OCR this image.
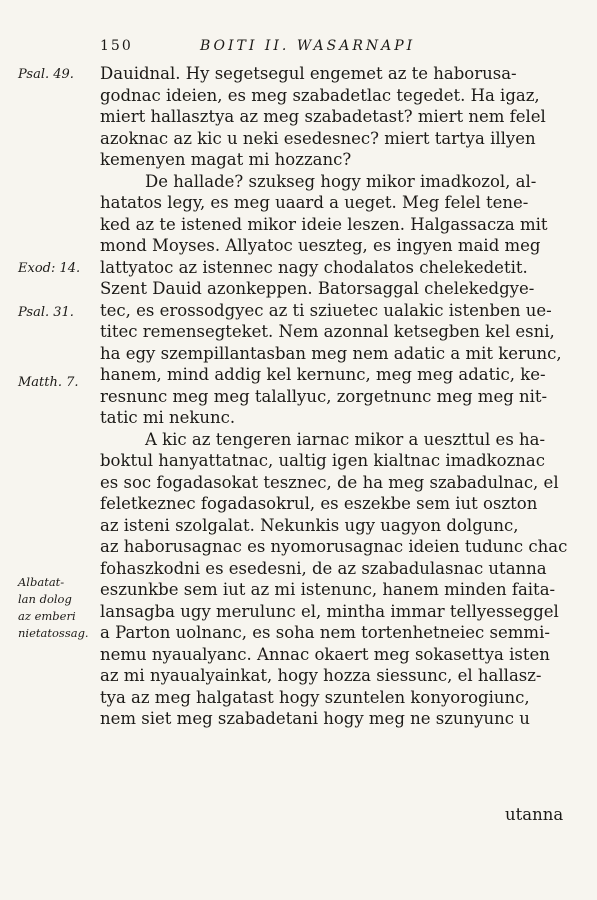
150	BOITI II. WASARNAPI
Psal. 49.
Exod: 14.
Psal. 31.
Matth. 7.
Albatat-
lan dolog
az emberi
nietatossag.
Dauidnal. Hy segetsegul engemet az te haborusa-
godnac ideien, es meg szabadetlac tegedet. Ha igaz,
miert hallasztya az meg szabadetast? miert nem felel
azoknac az kic u neki esedesnec? miert tartya illyen
kemenyen magat mi hozzanc?
De hallade? szukseg hogy mikor imadkozol, al-
hatatos legy, es meg uaard a ueget. Meg felel tene-
ked az te istened mikor ideie leszen. Halgassacza mit
mond Moyses. Allyatoc ueszteg, es ingyen maid meg
lattyatoc az istennec nagy chodalatos chelekedetit.
Szent Dauid azonkeppen. Batorsaggal chelekedgye-
tec, es erossodgyec az ti sziuetec ualakic istenben ue-
titec remensegteket. Nem azonnal ketsegben kel esni,
ha egy szempillantasban meg nem adatic a mit kerunc,
hanem, mind addig kel kernunc, meg meg adatic, ke-
resnunc meg meg talallyuc, zorgetnunc meg meg nit-
tatic mi nekunc.
A kic az tengeren iarnac mikor a ueszttul es ha-
boktul hanyattatnac, ualtig igen kialtnac imadkoznac
es soc fogadasokat tesznec, de ha meg szabadulnac, el
feletkeznec fogadasokrul, es eszekbe sem iut oszton
az isteni szolgalat. Nekunkis ugy uagyon dolgunc,
az haborusagnac es nyomorusagnac ideien tudunc chac
fohaszkodni es esedesni, de az szabadulasnac utanna
eszunkbe sem iut az mi istenunc, hanem minden faita-
lansagba ugy merulunc el, mintha immar tellyesseggel
a Parton uolnanc, es soha nem tortenhetneiec semmi-
nemu nyaualyanc. Annac okaert meg sokasettya isten
az mi nyaualyainkat, hogy hozza siessunc, el hallasz-
tya az meg halgatast hogy szuntelen konyorogiunc,
nem siet meg szabadetani hogy meg ne szunyunc u
utanna
